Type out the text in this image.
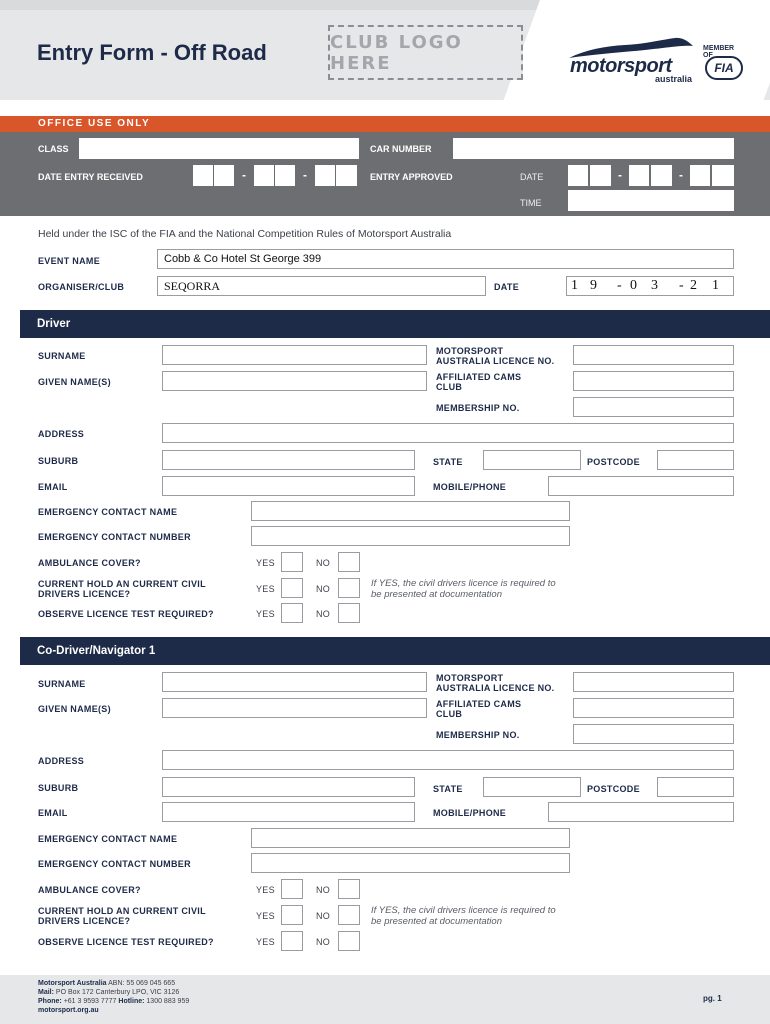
Entry Form - Off Road	CLUB LOGO HERE	motorsport
australia
MEMBER OF
FIA
OFFICE USE ONLY
CLASS	CAR NUMBER
DATE ENTRY RECEIVED	-	-	ENTRY APPROVED	DATE	-	-
TIME
Held under the ISC of the FIA and the National Competition Rules of Motorsport Australia
EVENT NAME	Cobb & Co Hotel St George 399
ORGANISER/CLUB	SEQORRA	DATE	1 9 - 0 3 - 2 1
Driver
SURNAME	MOTORSPORT
AUSTRALIA LICENCE NO.
GIVEN NAME(S)	AFFILIATED CAMS
CLUB
MEMBERSHIP NO.
ADDRESS
SUBURB	STATE	POSTCODE
EMAIL	MOBILE/PHONE
EMERGENCY CONTACT NAME
EMERGENCY CONTACT NUMBER
AMBULANCE COVER?	YES	NO
CURRENT HOLD AN CURRENT CIVIL
DRIVERS LICENCE?	YES	NO	If YES, the civil drivers licence is required to
be presented at documentation
OBSERVE LICENCE TEST REQUIRED?	YES	NO
Co-Driver/Navigator 1
SURNAME
MOTORSPORT
AUSTRALIA LICENCE NO.
GIVEN NAME(S)	AFFILIATED CAMS
CLUB
MEMBERSHIP NO.
ADDRESS
SUBURB	STATE	POSTCODE
EMAIL	MOBILE/PHONE
EMERGENCY CONTACT NAME
EMERGENCY CONTACT NUMBER
AMBULANCE COVER?	YES	NO
CURRENT HOLD AN CURRENT CIVIL
DRIVERS LICENCE?	YES	NO	If YES, the civil drivers licence is required to
be presented at documentation
OBSERVE LICENCE TEST REQUIRED?	YES	NO
Motorsport Australia ABN: 55 069 045 665
Mail: PO Box 172 Canterbury LPO, VIC 3126
Phone: +61 3 9593 7777 Hotline: 1300 883 959
motorsport.org.au
pg. 1
